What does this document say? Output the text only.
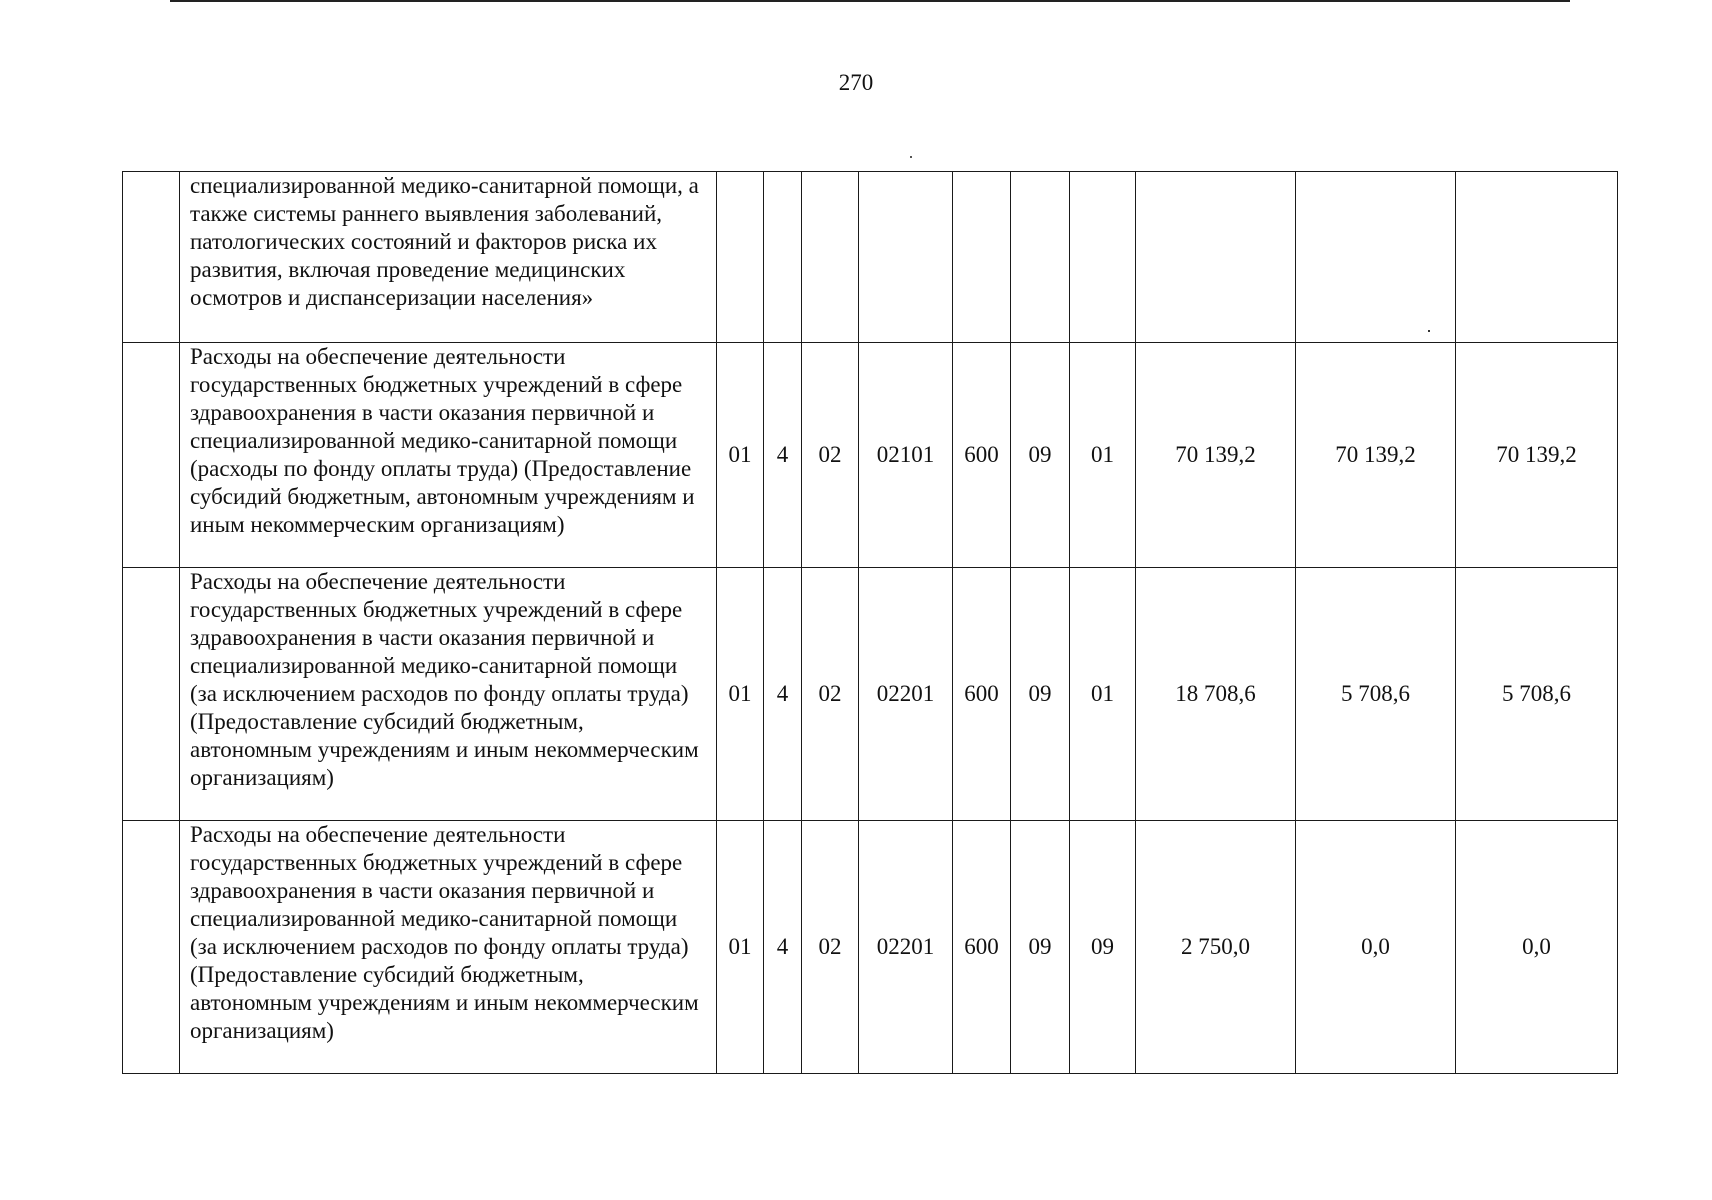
270
	специализированной медико-санитарной помощи, а также системы раннего выявления заболеваний, патологических состояний и факторов риска их развития, включая проведение медицинских осмотров и диспансеризации населения»										
	Расходы на обеспечение деятельности государственных бюджетных учреждений в сфере здравоохранения в части оказания первичной и специализированной медико-санитарной помощи (расходы по фонду оплаты труда) (Предоставление субсидий бюджетным, автономным учреждениям и иным некоммерческим организациям)	01	4	02	02101	600	09	01	70 139,2	70 139,2	70 139,2
	Расходы на обеспечение деятельности государственных бюджетных учреждений в сфере здравоохранения в части оказания первичной и специализированной медико-санитарной помощи (за исключением расходов по фонду оплаты труда) (Предоставление субсидий бюджетным, автономным учреждениям и иным некоммерческим организациям)	01	4	02	02201	600	09	01	18 708,6	5 708,6	5 708,6
	Расходы на обеспечение деятельности государственных бюджетных учреждений в сфере здравоохранения в части оказания первичной и специализированной медико-санитарной помощи (за исключением расходов по фонду оплаты труда) (Предоставление субсидий бюджетным, автономным учреждениям и иным некоммерческим организациям)	01	4	02	02201	600	09	09	2 750,0	0,0	0,0
